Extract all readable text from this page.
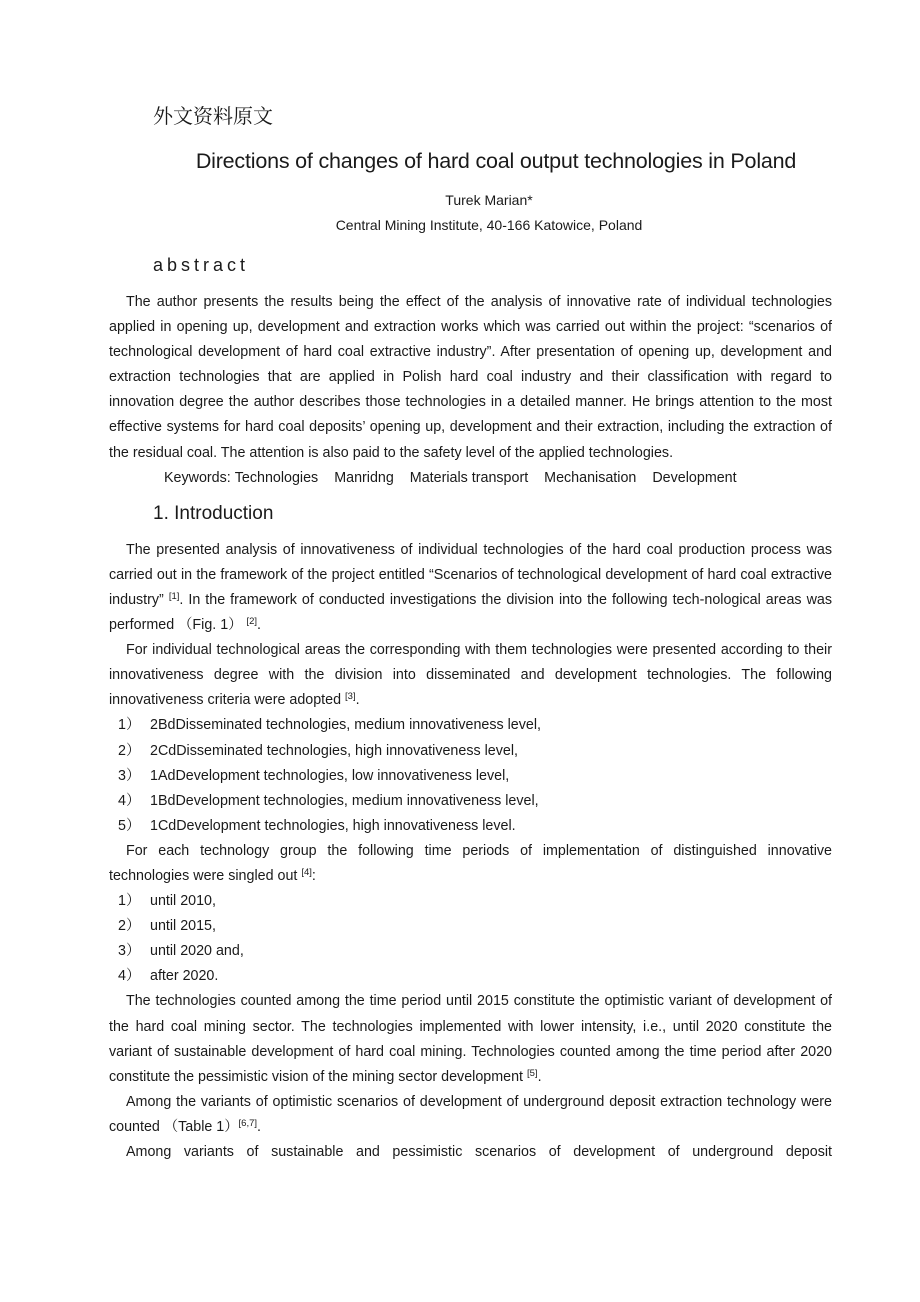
外文资料原文
Directions of changes of hard coal output technologies in Poland
Turek Marian*
Central Mining Institute, 40-166 Katowice, Poland
abstract

The author presents the results being the effect of the analysis of innovative rate of individual technologies applied in opening up, development and extraction works which was carried out within the project: “scenarios of technological development of hard coal extractive industry”. After presentation of opening up, development and extraction technologies that are applied in Polish hard coal industry and their classification with regard to innovation degree the author describes those technologies in a detailed manner. He brings attention to the most effective systems for hard coal deposits’ opening up, development and their extraction, including the extraction of the residual coal. The attention is also paid to the safety level of the applied technologies.

Keywords: Technologies Manridng Materials transport Mechanisation Development

1. Introduction

The presented analysis of innovativeness of individual technologies of the hard coal production process was carried out in the framework of the project entitled “Scenarios of technological development of hard coal extractive industry” [1]. In the framework of conducted investigations the division into the following tech-nological areas was performed （Fig. 1） [2].

For individual technological areas the corresponding with them technologies were presented according to their innovativeness degree with the division into disseminated and development technologies. The following innovativeness criteria were adopted [3].

1） 2BdDisseminated technologies, medium innovativeness level,
2） 2CdDisseminated technologies, high innovativeness level,
3） 1AdDevelopment technologies, low innovativeness level,
4） 1BdDevelopment technologies, medium innovativeness level,
5） 1CdDevelopment technologies, high innovativeness level.

For each technology group the following time periods of implementation of distinguished innovative technologies were singled out [4]:

1） until 2010,
2） until 2015,
3） until 2020 and,
4） after 2020.

The technologies counted among the time period until 2015 constitute the optimistic variant of development of the hard coal mining sector. The technologies implemented with lower intensity, i.e., until 2020 constitute the variant of sustainable development of hard coal mining. Technologies counted among the time period after 2020 constitute the pessimistic vision of the mining sector development [5].

Among the variants of optimistic scenarios of development of underground deposit extraction technology were counted （Table 1）[6,7].

Among variants of sustainable and pessimistic scenarios of development of underground deposit
